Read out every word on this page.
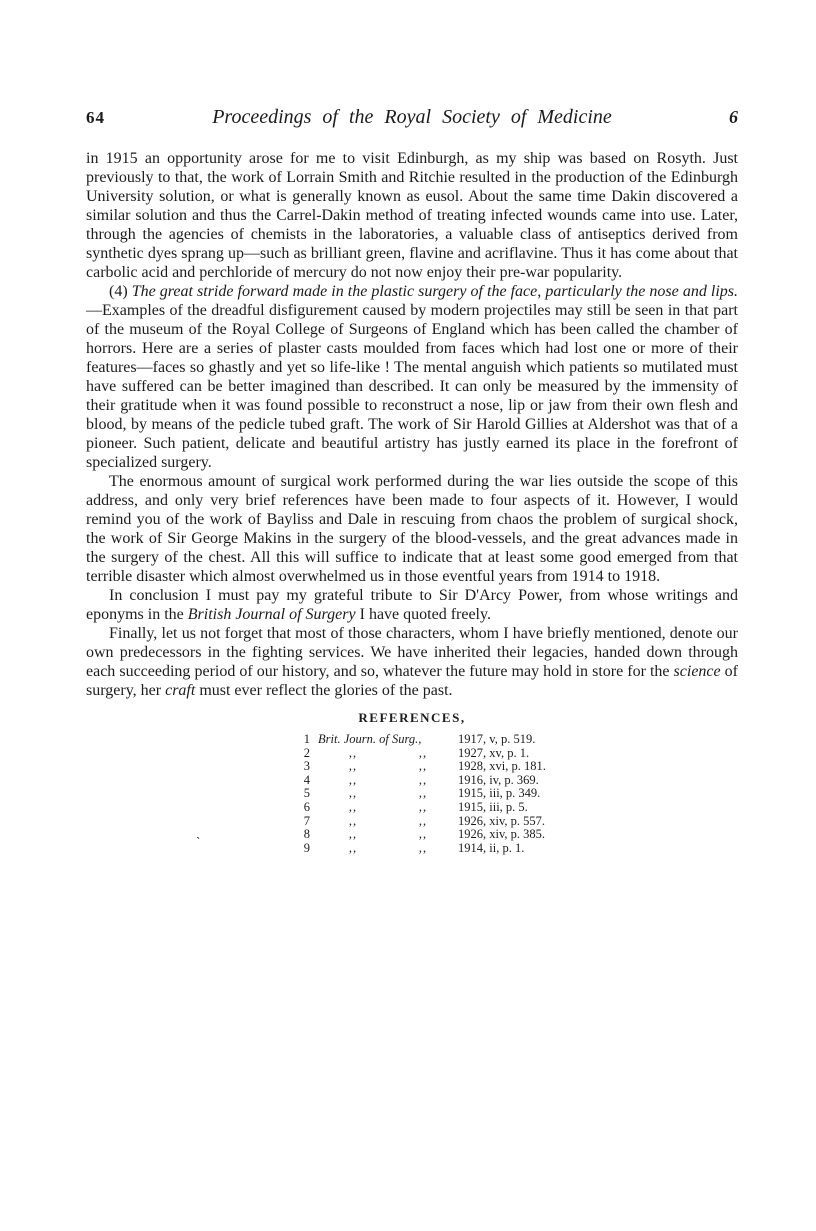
64	Proceedings of the Royal Society of Medicine	6

in 1915 an opportunity arose for me to visit Edinburgh, as my ship was based on Rosyth. Just previously to that, the work of Lorrain Smith and Ritchie resulted in the production of the Edinburgh University solution, or what is generally known as eusol. About the same time Dakin discovered a similar solution and thus the Carrel-Dakin method of treating infected wounds came into use. Later, through the agencies of chemists in the laboratories, a valuable class of antiseptics derived from synthetic dyes sprang up—such as brilliant green, flavine and acriflavine. Thus it has come about that carbolic acid and perchloride of mercury do not now enjoy their pre-war popularity.

(4) The great stride forward made in the plastic surgery of the face, particularly the nose and lips.—Examples of the dreadful disfigurement caused by modern projectiles may still be seen in that part of the museum of the Royal College of Surgeons of England which has been called the chamber of horrors. Here are a series of plaster casts moulded from faces which had lost one or more of their features—faces so ghastly and yet so life-like ! The mental anguish which patients so mutilated must have suffered can be better imagined than described. It can only be measured by the immensity of their gratitude when it was found possible to reconstruct a nose, lip or jaw from their own flesh and blood, by means of the pedicle tubed graft. The work of Sir Harold Gillies at Aldershot was that of a pioneer. Such patient, delicate and beautiful artistry has justly earned its place in the forefront of specialized surgery.

The enormous amount of surgical work performed during the war lies outside the scope of this address, and only very brief references have been made to four aspects of it. However, I would remind you of the work of Bayliss and Dale in rescuing from chaos the problem of surgical shock, the work of Sir George Makins in the surgery of the blood-vessels, and the great advances made in the surgery of the chest. All this will suffice to indicate that at least some good emerged from that terrible disaster which almost overwhelmed us in those eventful years from 1914 to 1918.

In conclusion I must pay my grateful tribute to Sir D'Arcy Power, from whose writings and eponyms in the British Journal of Surgery I have quoted freely.

Finally, let us not forget that most of those characters, whom I have briefly mentioned, denote our own predecessors in the fighting services. We have inherited their legacies, handed down through each succeeding period of our history, and so, whatever the future may hold in store for the science of surgery, her craft must ever reflect the glories of the past.

REFERENCES,
1 Brit. Journ. of Surg.,	1917, v, p. 519.
2	,,	,,	1927, xv, p. 1.
3	,,	,,	1928, xvi, p. 181.
4	,,	,,	1916, iv, p. 369.
5	,,	,,	1915, iii, p. 349.
6	,,	,,	1915, iii, p. 5.
7	,,	,,	1926, xiv, p. 557.
8	,,	,,	1926, xiv, p. 385.
9	,,	,,	1914, ii, p. 1.
`
